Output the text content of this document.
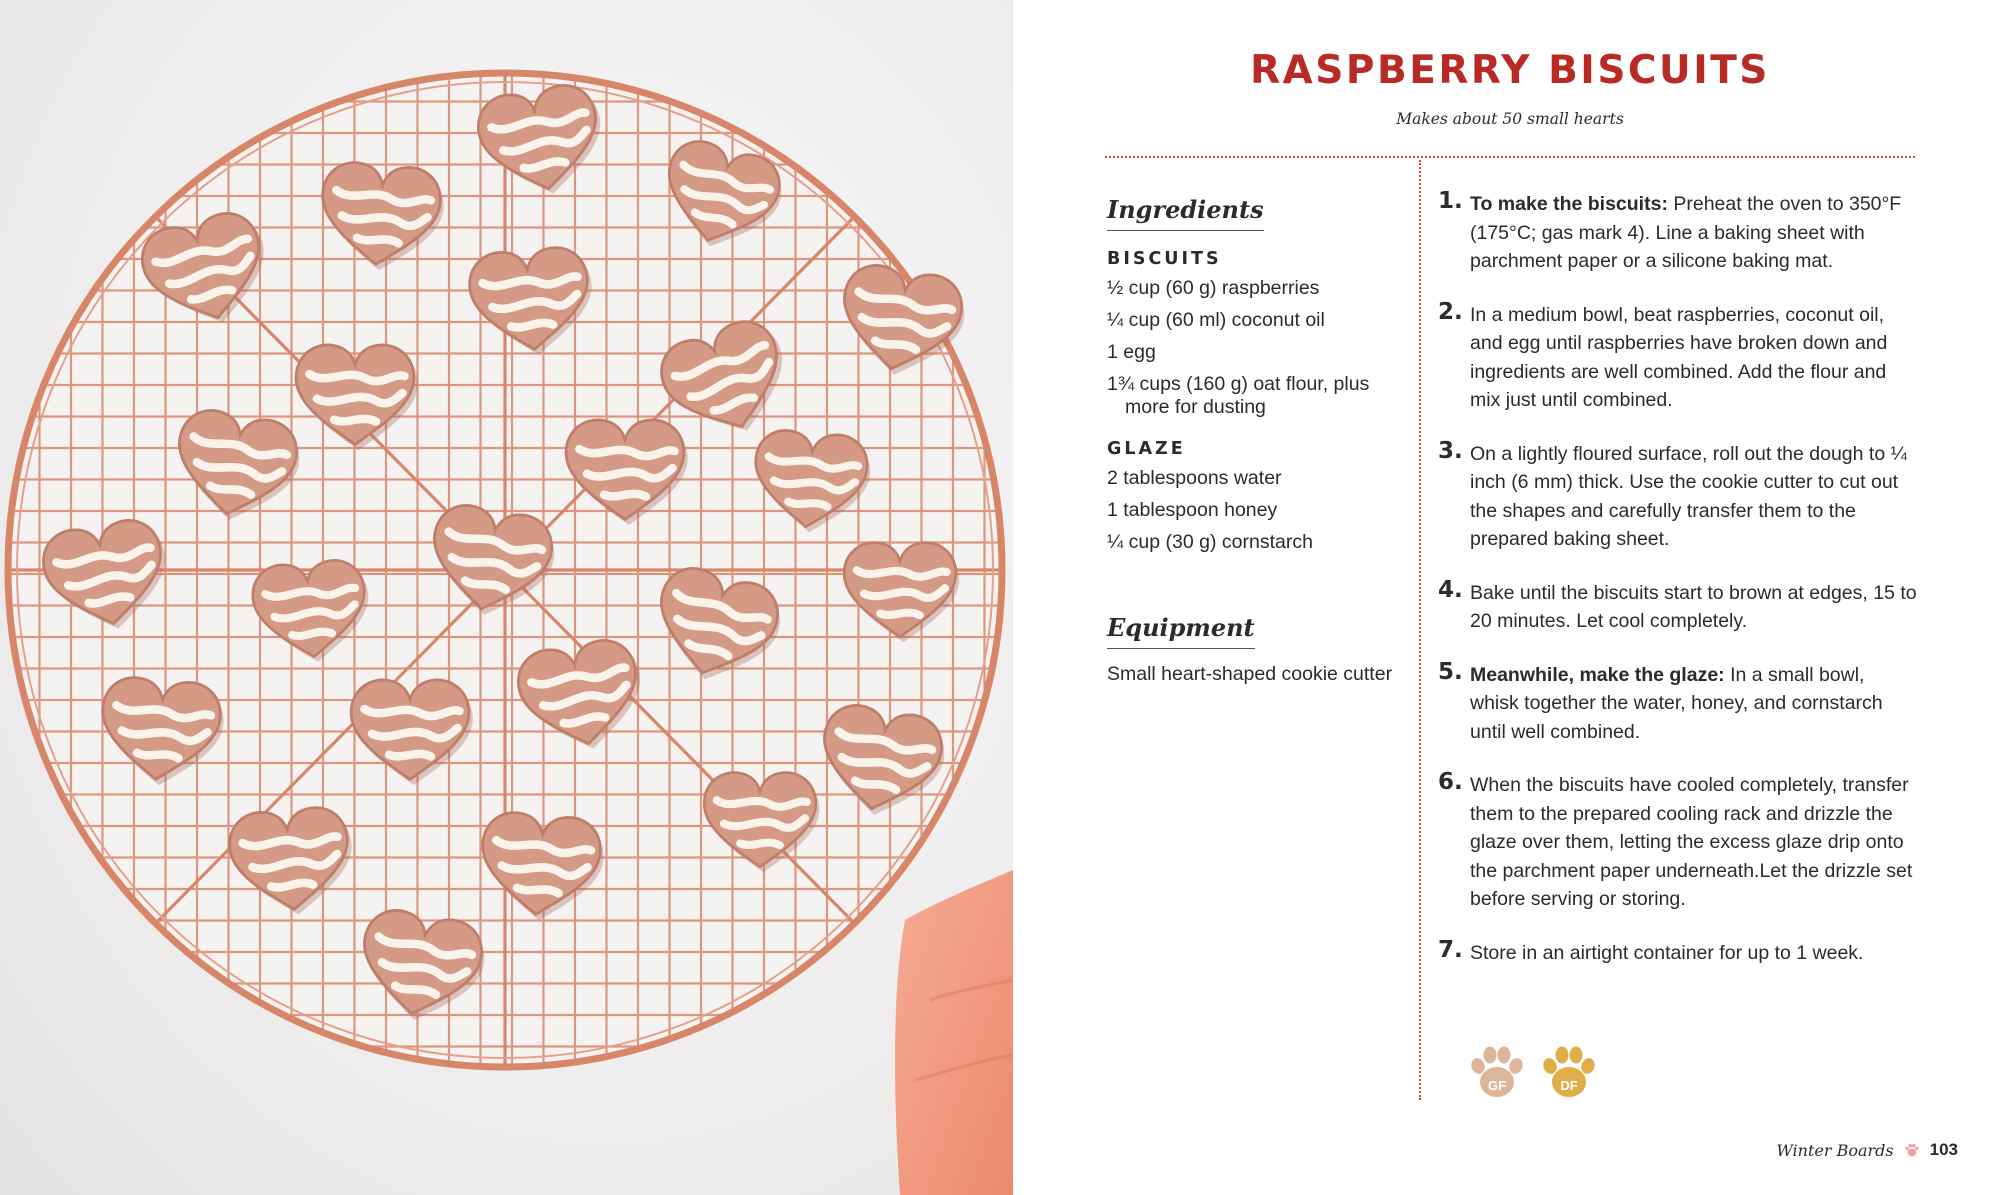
RASPBERRY BISCUITS
Makes about 50 small hearts
Ingredients
BISCUITS
½ cup (60 g) raspberries
¼ cup (60 ml) coconut oil
1 egg
1¾ cups (160 g) oat flour, plus more for dusting
GLAZE
2 tablespoons water
1 tablespoon honey
¼ cup (30 g) cornstarch
Equipment
Small heart-shaped cookie cutter
1. To make the biscuits: Preheat the oven to 350°F (175°C; gas mark 4). Line a baking sheet with parchment paper or a silicone baking mat.
2. In a medium bowl, beat raspberries, coconut oil, and egg until raspberries have broken down and ingredients are well combined. Add the flour and mix just until combined.
3. On a lightly floured surface, roll out the dough to ¼ inch (6 mm) thick. Use the cookie cutter to cut out the shapes and carefully transfer them to the prepared baking sheet.
4. Bake until the biscuits start to brown at edges, 15 to 20 minutes. Let cool completely.
5. Meanwhile, make the glaze: In a small bowl, whisk together the water, honey, and cornstarch until well combined.
6. When the biscuits have cooled completely, transfer them to the prepared cooling rack and drizzle the glaze over them, letting the excess glaze drip onto the parchment paper underneath.Let the drizzle set before serving or storing.
7. Store in an airtight container for up to 1 week.
GF	DF
Winter Boards 103
